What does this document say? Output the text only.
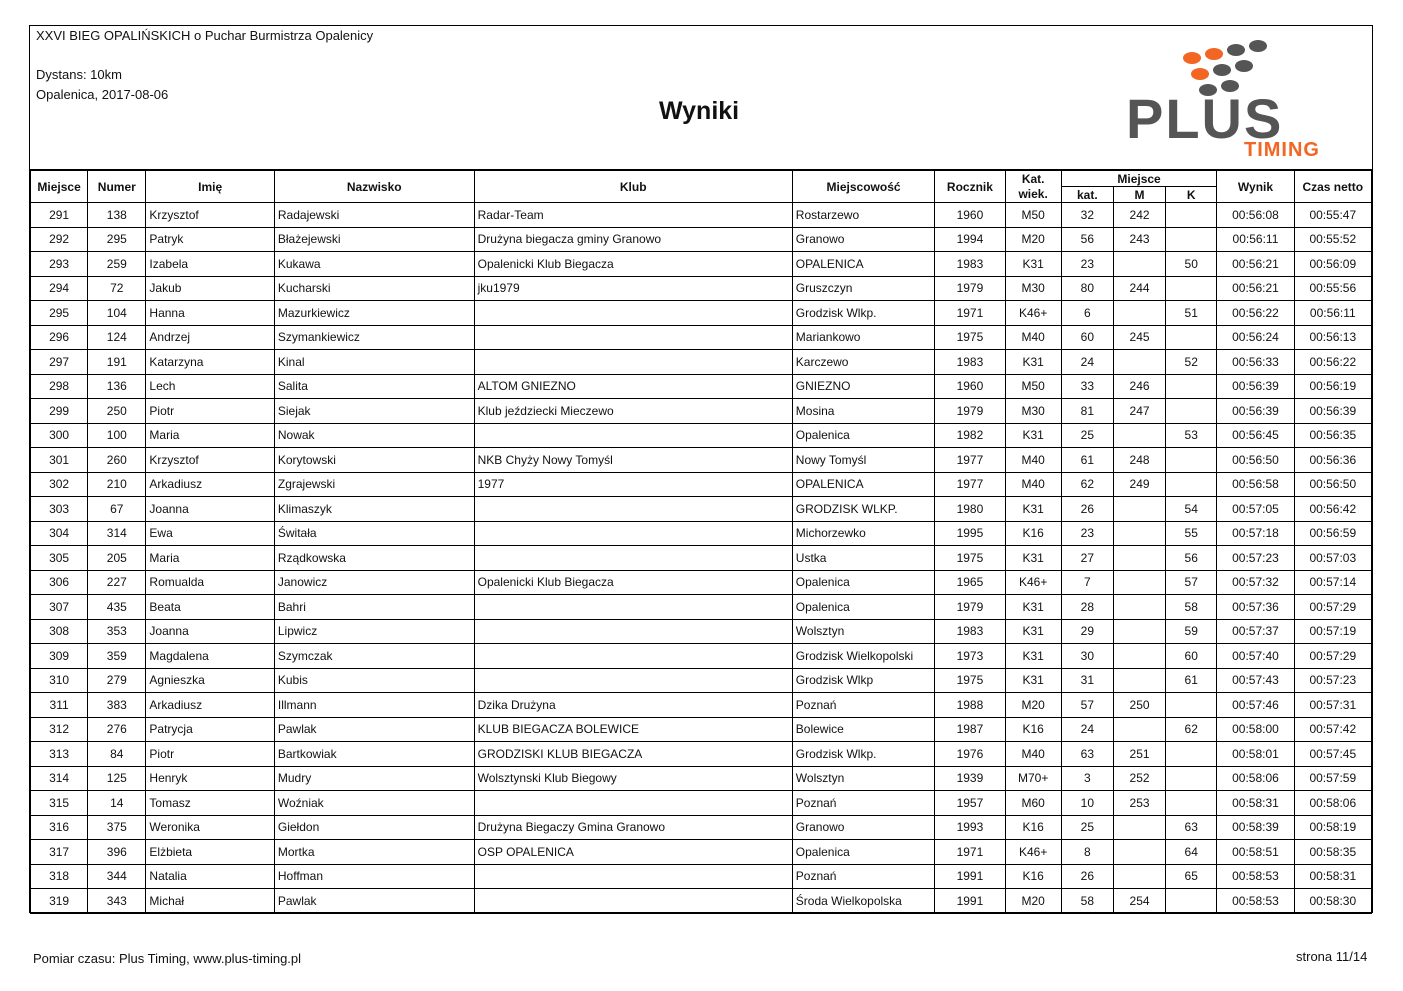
XXVI BIEG OPALIŃSKICH o Puchar Burmistrza Opalenicy
Dystans: 10km
Opalenica, 2017-08-06
Wyniki	PLUS
TIMING
Miejsce	Numer	Imię	Nazwisko	Klub	Miejscowość	Rocznik	Kat.
wiek.	Miejsce			Wynik	Czas netto
								kat.	M	K		
291	138	Krzysztof	Radajewski	Radar-Team	Rostarzewo	1960	M50	32	242		00:56:08	00:55:47
292	295	Patryk	Błażejewski	Drużyna biegacza gminy Granowo	Granowo	1994	M20	56	243		00:56:11	00:55:52
293	259	Izabela	Kukawa	Opalenicki Klub Biegacza	OPALENICA	1983	K31	23		50	00:56:21	00:56:09
294	72	Jakub	Kucharski	jku1979	Gruszczyn	1979	M30	80	244		00:56:21	00:55:56
295	104	Hanna	Mazurkiewicz		Grodzisk Wlkp.	1971	K46+	6		51	00:56:22	00:56:11
296	124	Andrzej	Szymankiewicz		Mariankowo	1975	M40	60	245		00:56:24	00:56:13
297	191	Katarzyna	Kinal		Karczewo	1983	K31	24		52	00:56:33	00:56:22
298	136	Lech	Salita	ALTOM GNIEZNO	GNIEZNO	1960	M50	33	246		00:56:39	00:56:19
299	250	Piotr	Siejak	Klub jeździecki Mieczewo	Mosina	1979	M30	81	247		00:56:39	00:56:39
300	100	Maria	Nowak		Opalenica	1982	K31	25		53	00:56:45	00:56:35
301	260	Krzysztof	Korytowski	NKB Chyży Nowy Tomyśl	Nowy Tomyśl	1977	M40	61	248		00:56:50	00:56:36
302	210	Arkadiusz	Zgrajewski	1977	OPALENICA	1977	M40	62	249		00:56:58	00:56:50
303	67	Joanna	Klimaszyk		GRODZISK WLKP.	1980	K31	26		54	00:57:05	00:56:42
304	314	Ewa	Świtała		Michorzewko	1995	K16	23		55	00:57:18	00:56:59
305	205	Maria	Rządkowska		Ustka	1975	K31	27		56	00:57:23	00:57:03
306	227	Romualda	Janowicz	Opalenicki Klub Biegacza	Opalenica	1965	K46+	7		57	00:57:32	00:57:14
307	435	Beata	Bahri		Opalenica	1979	K31	28		58	00:57:36	00:57:29
308	353	Joanna	Lipwicz		Wolsztyn	1983	K31	29		59	00:57:37	00:57:19
309	359	Magdalena	Szymczak		Grodzisk Wielkopolski	1973	K31	30		60	00:57:40	00:57:29
310	279	Agnieszka	Kubis		Grodzisk Wlkp	1975	K31	31		61	00:57:43	00:57:23
311	383	Arkadiusz	Illmann	Dzika Drużyna	Poznań	1988	M20	57	250		00:57:46	00:57:31
312	276	Patrycja	Pawlak	KLUB BIEGACZA BOLEWICE	Bolewice	1987	K16	24		62	00:58:00	00:57:42
313	84	Piotr	Bartkowiak	GRODZISKI KLUB BIEGACZA	Grodzisk Wlkp.	1976	M40	63	251		00:58:01	00:57:45
314	125	Henryk	Mudry	Wolsztynski Klub Biegowy	Wolsztyn	1939	M70+	3	252		00:58:06	00:57:59
315	14	Tomasz	Woźniak		Poznań	1957	M60	10	253		00:58:31	00:58:06
316	375	Weronika	Giełdon	Drużyna Biegaczy Gmina Granowo	Granowo	1993	K16	25		63	00:58:39	00:58:19
317	396	Elżbieta	Mortka	OSP OPALENICA	Opalenica	1971	K46+	8		64	00:58:51	00:58:35
318	344	Natalia	Hoffman		Poznań	1991	K16	26		65	00:58:53	00:58:31
319	343	Michał	Pawlak		Środa Wielkopolska	1991	M20	58	254		00:58:53	00:58:30
Pomiar czasu: Plus Timing, www.plus-timing.pl	strona 11/14
